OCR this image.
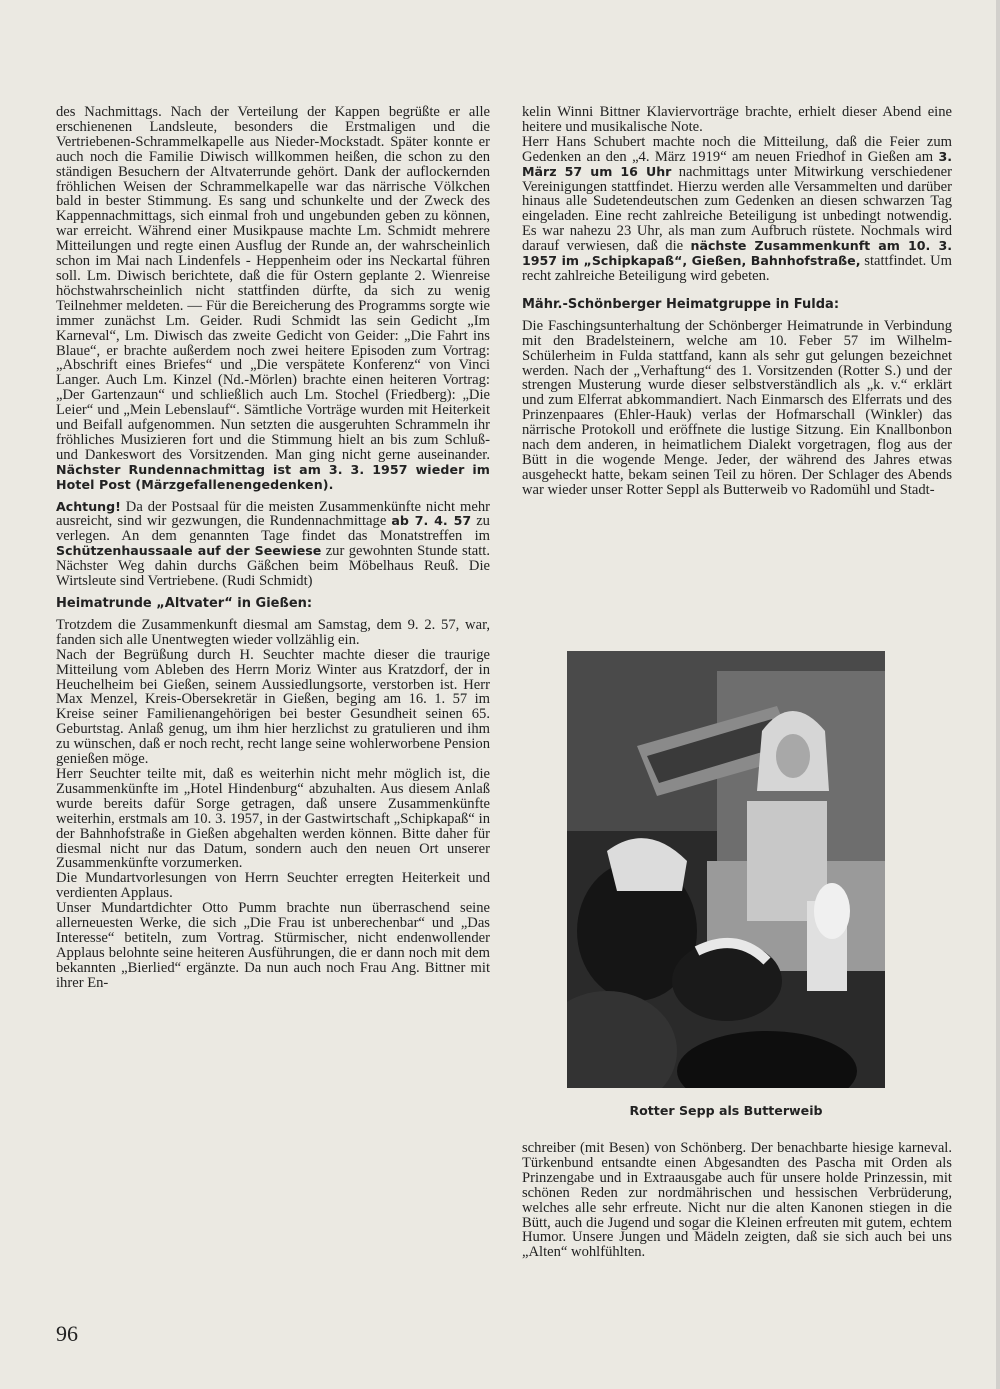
des Nachmittags. Nach der Verteilung der Kappen begrüßte er alle erschienenen Landsleute, besonders die Erstmaligen und die Vertriebenen-Schrammelkapelle aus Nieder-Mockstadt. Später konnte er auch noch die Familie Diwisch willkommen heißen, die schon zu den ständigen Besuchern der Altvaterrunde gehört. Dank der auflockernden fröhlichen Weisen der Schrammelkapelle war das närrische Völkchen bald in bester Stimmung. Es sang und schunkelte und der Zweck des Kappennachmittags, sich einmal froh und ungebunden geben zu können, war erreicht. Während einer Musikpause machte Lm. Schmidt mehrere Mitteilungen und regte einen Ausflug der Runde an, der wahrscheinlich schon im Mai nach Lindenfels - Heppenheim oder ins Neckartal führen soll. Lm. Diwisch berichtete, daß die für Ostern geplante 2. Wienreise höchstwahrscheinlich nicht stattfinden dürfte, da sich zu wenig Teilnehmer meldeten. — Für die Bereicherung des Programms sorgte wie immer zunächst Lm. Geider. Rudi Schmidt las sein Gedicht „Im Karneval“, Lm. Diwisch das zweite Gedicht von Geider: „Die Fahrt ins Blaue“, er brachte außerdem noch zwei heitere Episoden zum Vortrag: „Abschrift eines Briefes“ und „Die verspätete Konferenz“ von Vinci Langer. Auch Lm. Kinzel (Nd.-Mörlen) brachte einen heiteren Vortrag: „Der Gartenzaun“ und schließlich auch Lm. Stochel (Friedberg): „Die Leier“ und „Mein Lebenslauf“. Sämtliche Vorträge wurden mit Heiterkeit und Beifall aufgenommen. Nun setzten die ausgeruhten Schrammeln ihr fröhliches Musizieren fort und die Stimmung hielt an bis zum Schluß- und Dankeswort des Vorsitzenden. Man ging nicht gerne auseinander. Nächster Rundennachmittag ist am 3. 3. 1957 wieder im Hotel Post (Märzgefallenengedenken).

Achtung! Da der Postsaal für die meisten Zusammenkünfte nicht mehr ausreicht, sind wir gezwungen, die Rundennachmittage ab 7. 4. 57 zu verlegen. An dem genannten Tage findet das Monatstreffen im Schützenhaussaale auf der Seewiese zur gewohnten Stunde statt. Nächster Weg dahin durchs Gäßchen beim Möbelhaus Reuß. Die Wirtsleute sind Vertriebene. (Rudi Schmidt)

Heimatrunde „Altvater“ in Gießen:

Trotzdem die Zusammenkunft diesmal am Samstag, dem 9. 2. 57, war, fanden sich alle Unentwegten wieder vollzählig ein.

Nach der Begrüßung durch H. Seuchter machte dieser die traurige Mitteilung vom Ableben des Herrn Moriz Winter aus Kratzdorf, der in Heuchelheim bei Gießen, seinem Aussiedlungsorte, verstorben ist. Herr Max Menzel, Kreis-Obersekretär in Gießen, beging am 16. 1. 57 im Kreise seiner Familienangehörigen bei bester Gesundheit seinen 65. Geburtstag. Anlaß genug, um ihm hier herzlichst zu gratulieren und ihm zu wünschen, daß er noch recht, recht lange seine wohlerworbene Pension genießen möge.

Herr Seuchter teilte mit, daß es weiterhin nicht mehr möglich ist, die Zusammenkünfte im „Hotel Hindenburg“ abzuhalten. Aus diesem Anlaß wurde bereits dafür Sorge getragen, daß unsere Zusammenkünfte weiterhin, erstmals am 10. 3. 1957, in der Gastwirtschaft „Schipkapaß“ in der Bahnhofstraße in Gießen abgehalten werden können. Bitte daher für diesmal nicht nur das Datum, sondern auch den neuen Ort unserer Zusammenkünfte vorzumerken.

Die Mundartvorlesungen von Herrn Seuchter erregten Heiterkeit und verdienten Applaus.

Unser Mundartdichter Otto Pumm brachte nun überraschend seine allerneuesten Werke, die sich „Die Frau ist unberechenbar“ und „Das Interesse“ betiteln, zum Vortrag. Stürmischer, nicht endenwollender Applaus belohnte seine heiteren Ausführungen, die er dann noch mit dem bekannten „Bierlied“ ergänzte. Da nun auch noch Frau Ang. Bittner mit ihrer En-

kelin Winni Bittner Klaviervorträge brachte, erhielt dieser Abend eine heitere und musikalische Note.

Herr Hans Schubert machte noch die Mitteilung, daß die Feier zum Gedenken an den „4. März 1919“ am neuen Friedhof in Gießen am 3. März 57 um 16 Uhr nachmittags unter Mitwirkung verschiedener Vereinigungen stattfindet. Hierzu werden alle Versammelten und darüber hinaus alle Sudetendeutschen zum Gedenken an diesen schwarzen Tag eingeladen. Eine recht zahlreiche Beteiligung ist unbedingt notwendig. Es war nahezu 23 Uhr, als man zum Aufbruch rüstete. Nochmals wird darauf verwiesen, daß die nächste Zusammenkunft am 10. 3. 1957 im „Schipkapaß“, Gießen, Bahnhofstraße, stattfindet. Um recht zahlreiche Beteiligung wird gebeten.

Mähr.-Schönberger Heimatgruppe in Fulda:

Die Faschingsunterhaltung der Schönberger Heimatrunde in Verbindung mit den Bradelsteinern, welche am 10. Feber 57 im Wilhelm-Schülerheim in Fulda stattfand, kann als sehr gut gelungen bezeichnet werden. Nach der „Verhaftung“ des 1. Vorsitzenden (Rotter S.) und der strengen Musterung wurde dieser selbstverständlich als „k. v.“ erklärt und zum Elferrat abkommandiert. Nach Einmarsch des Elferrats und des Prinzenpaares (Ehler-Hauk) verlas der Hofmarschall (Winkler) das närrische Protokoll und eröffnete die lustige Sitzung. Ein Knallbonbon nach dem anderen, in heimatlichem Dialekt vorgetragen, flog aus der Bütt in die wogende Menge. Jeder, der während des Jahres etwas ausgeheckt hatte, bekam seinen Teil zu hören. Der Schlager des Abends war wieder unser Rotter Seppl als Butterweib vo Radomühl und Stadt-

Rotter Sepp als Butterweib

schreiber (mit Besen) von Schönberg. Der benachbarte hiesige karneval. Türkenbund entsandte einen Abgesandten des Pascha mit Orden als Prinzengabe und in Extraausgabe auch für unsere holde Prinzessin, mit schönen Reden zur nordmährischen und hessischen Verbrüderung, welches alle sehr erfreute. Nicht nur die alten Kanonen stiegen in die Bütt, auch die Jugend und sogar die Kleinen erfreuten mit gutem, echtem Humor. Unsere Jungen und Mädeln zeigten, daß sie sich auch bei uns „Alten“ wohlfühlten.

96
